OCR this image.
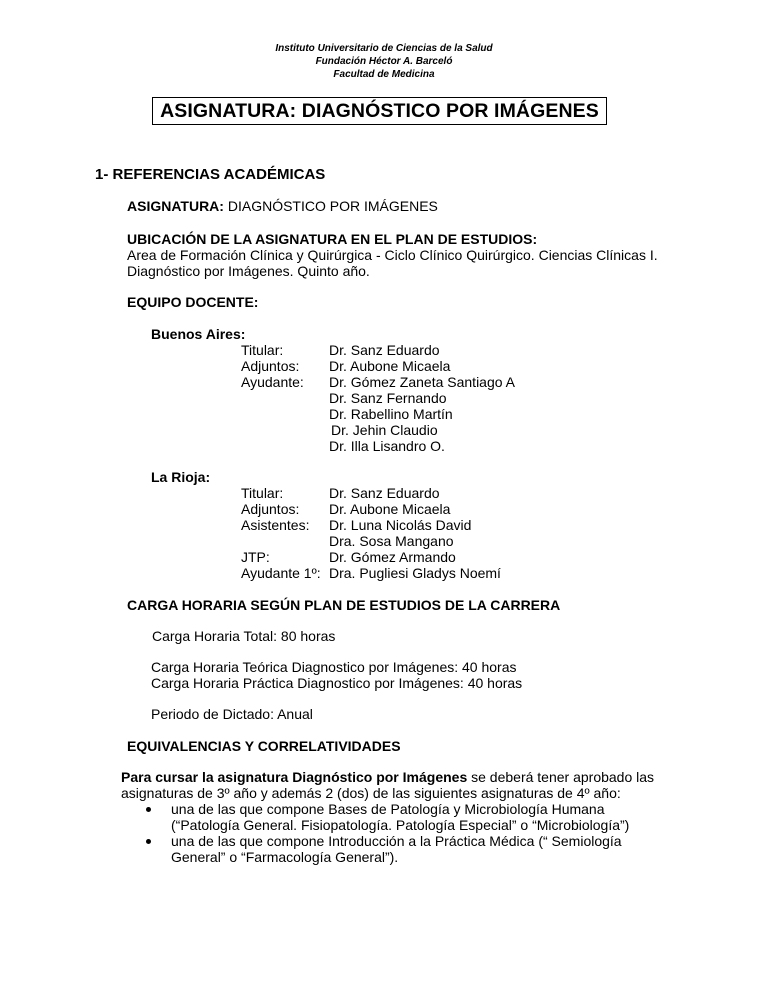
Instituto Universitario de Ciencias de la Salud
Fundación Héctor A. Barceló
Facultad de Medicina
ASIGNATURA: DIAGNÓSTICO POR IMÁGENES
1- REFERENCIAS ACADÉMICAS
ASIGNATURA: DIAGNÓSTICO POR IMÁGENES
UBICACIÓN DE LA ASIGNATURA EN EL PLAN DE ESTUDIOS:
Area de Formación Clínica y Quirúrgica - Ciclo Clínico Quirúrgico. Ciencias Clínicas I.
Diagnóstico por Imágenes. Quinto año.
EQUIPO DOCENTE:
Buenos Aires:
Titular:	Dr. Sanz Eduardo
Adjuntos: Dr. Aubone Micaela
Ayudante: Dr. Gómez Zaneta Santiago A
Dr. Sanz Fernando
Dr. Rabellino Martín
Dr. Jehin Claudio
Dr. Illa Lisandro O.
La Rioja:
Titular:	Dr. Sanz Eduardo
Adjuntos: Dr. Aubone Micaela
Asistentes: Dr. Luna Nicolás David
Dra. Sosa Mangano
JTP:	Dr. Gómez Armando
Ayudante 1º: Dra. Pugliesi Gladys Noemí
CARGA HORARIA SEGÚN PLAN DE ESTUDIOS DE LA CARRERA
Carga Horaria Total: 80 horas
Carga Horaria Teórica Diagnostico por Imágenes: 40 horas
Carga Horaria Práctica Diagnostico por Imágenes: 40 horas
Periodo de Dictado: Anual
EQUIVALENCIAS Y CORRELATIVIDADES
Para cursar la asignatura Diagnóstico por Imágenes se deberá tener aprobado las
asignaturas de 3º año y además 2 (dos) de las siguientes asignaturas de 4º año:
una de las que compone Bases de Patología y Microbiología Humana
(“Patología General. Fisiopatología. Patología Especial” o “Microbiología”)
una de las que compone Introducción a la Práctica Médica (“ Semiología
General” o “Farmacología General”).
